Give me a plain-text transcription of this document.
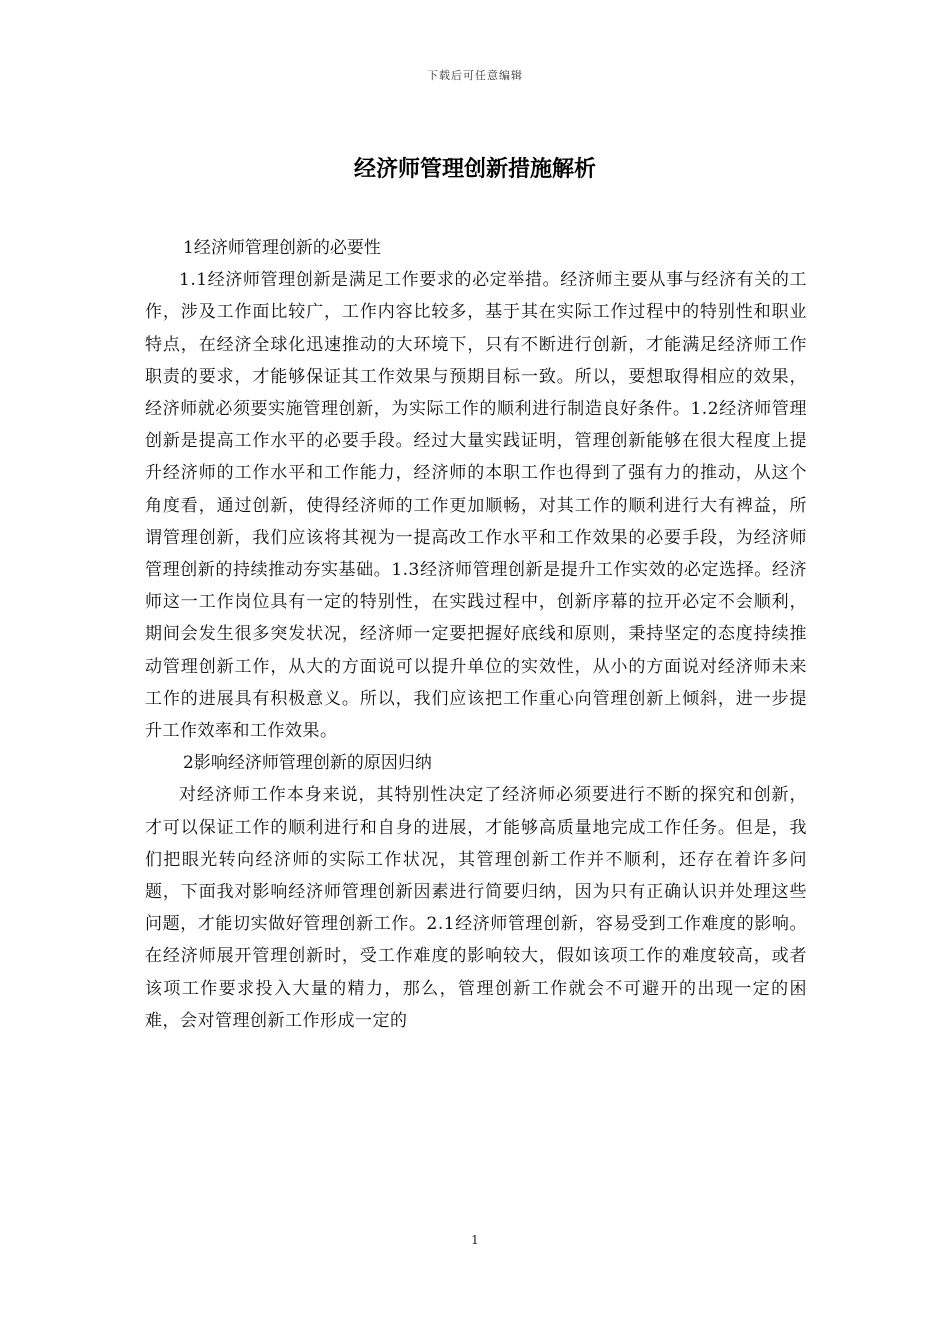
下载后可任意编辑
经济师管理创新措施解析

1经济师管理创新的必要性

1.1经济师管理创新是满足工作要求的必定举措。经济师主要从事与经济有关的工作，涉及工作面比较广，工作内容比较多，基于其在实际工作过程中的特别性和职业特点，在经济全球化迅速推动的大环境下，只有不断进行创新，才能满足经济师工作职责的要求，才能够保证其工作效果与预期目标一致。所以，要想取得相应的效果，经济师就必须要实施管理创新，为实际工作的顺利进行制造良好条件。1.2经济师管理创新是提高工作水平的必要手段。经过大量实践证明，管理创新能够在很大程度上提升经济师的工作水平和工作能力，经济师的本职工作也得到了强有力的推动，从这个角度看，通过创新，使得经济师的工作更加顺畅，对其工作的顺利进行大有裨益，所谓管理创新，我们应该将其视为一提高改工作水平和工作效果的必要手段，为经济师管理创新的持续推动夯实基础。1.3经济师管理创新是提升工作实效的必定选择。经济师这一工作岗位具有一定的特别性，在实践过程中，创新序幕的拉开必定不会顺利，期间会发生很多突发状况，经济师一定要把握好底线和原则，秉持坚定的态度持续推动管理创新工作，从大的方面说可以提升单位的实效性，从小的方面说对经济师未来工作的进展具有积极意义。所以，我们应该把工作重心向管理创新上倾斜，进一步提升工作效率和工作效果。

2影响经济师管理创新的原因归纳

对经济师工作本身来说，其特别性决定了经济师必须要进行不断的探究和创新，才可以保证工作的顺利进行和自身的进展，才能够高质量地完成工作任务。但是，我们把眼光转向经济师的实际工作状况，其管理创新工作并不顺利，还存在着许多问题，下面我对影响经济师管理创新因素进行简要归纳，因为只有正确认识并处理这些问题，才能切实做好管理创新工作。2.1经济师管理创新，容易受到工作难度的影响。在经济师展开管理创新时，受工作难度的影响较大，假如该项工作的难度较高，或者该项工作要求投入大量的精力，那么，管理创新工作就会不可避开的出现一定的困难，会对管理创新工作形成一定的

1
